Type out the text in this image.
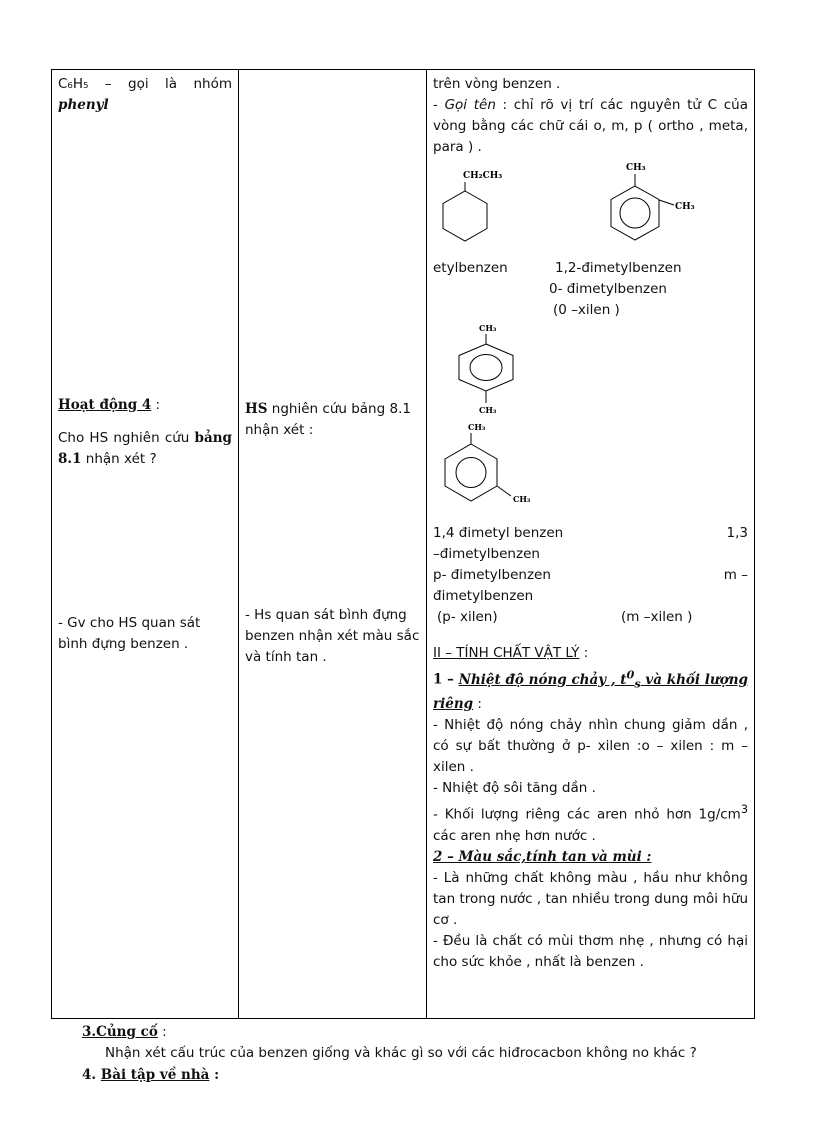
C₆H₅ – gọi là nhóm phenyl

Hoạt động 4 :

Cho HS nghiên cứu bảng 8.1 nhận xét ?

- Gv cho HS quan sát bình đựng benzen .

HS nghiên cứu bảng 8.1 nhận xét :

- Hs quan sát bình đựng benzen nhận xét màu sắc và tính tan .

trên vòng benzen .

- Gọi tên : chỉ rõ vị trí các nguyên tử C của vòng bằng các chữ cái o, m, p ( ortho , meta, para ) .

CH₂CH₃
CH₃
CH₃
etylbenzen	1,2-đimetylbenzen
0- đimetylbenzen
(0 –xilen )
CH₃
CH₃
CH₃
CH₃
1,4 đimetyl benzen	1,3
–đimetylbenzen
p- đimetylbenzen	m –
đimetylbenzen
(p- xilen)	(m –xilen )

II – TÍNH CHẤT VẬT LÝ :

1 – Nhiệt độ nóng chảy , $t^0_s$ và khối lượng riêng :

- Nhiệt độ nóng chảy nhìn chung giảm dần , có sự bất thường ở p- xilen :o – xilen : m – xilen .

- Nhiệt độ sôi tăng dần .

- Khối lượng riêng các aren nhỏ hơn $1g/cm^3$ các aren nhẹ hơn nước .

2 – Màu sắc,tính tan và mùi :

- Là những chất không màu , hầu như không tan trong nước , tan nhiều trong dung môi hữu cơ .

- Đều là chất có mùi thơm nhẹ , nhưng có hại cho sức khỏe , nhất là benzen .

3.Củng cố :
Nhận xét cấu trúc của benzen giống và khác gì so với các hiđrocacbon không no khác ?
4. Bài tập về nhà :
